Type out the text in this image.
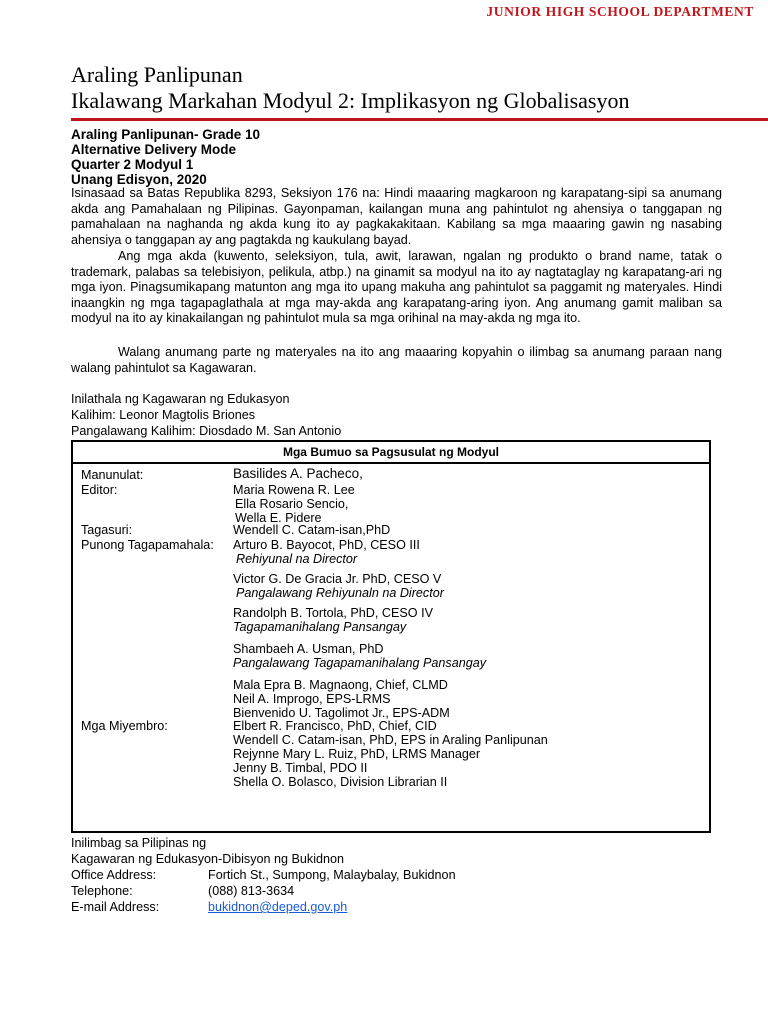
JUNIOR HIGH SCHOOL DEPARTMENT
Araling Panlipunan
Ikalawang Markahan Modyul 2: Implikasyon ng Globalisasyon
Araling Panlipunan- Grade 10
Alternative Delivery Mode
Quarter 2 Modyul 1
Unang Edisyon, 2020

Isinasaad sa Batas Republika 8293, Seksiyon 176 na: Hindi maaaring magkaroon ng karapatang-sipi sa anumang akda ang Pamahalaan ng Pilipinas. Gayonpaman, kailangan muna ang pahintulot ng ahensiya o tanggapan ng pamahalaan na naghanda ng akda kung ito ay pagkakakitaan. Kabilang sa mga maaaring gawin ng nasabing ahensiya o tanggapan ay ang pagtakda ng kaukulang bayad.

Ang mga akda (kuwento, seleksiyon, tula, awit, larawan, ngalan ng produkto o brand name, tatak o trademark, palabas sa telebisiyon, pelikula, atbp.) na ginamit sa modyul na ito ay nagtataglay ng karapatang-ari ng mga iyon. Pinagsumikapang matunton ang mga ito upang makuha ang pahintulot sa paggamit ng materyales. Hindi inaangkin ng mga tagapaglathala at mga may-akda ang karapatang-aring iyon. Ang anumang gamit maliban sa modyul na ito ay kinakailangan ng pahintulot mula sa mga orihinal na may-akda ng mga ito.

Walang anumang parte ng materyales na ito ang maaaring kopyahin o ilimbag sa anumang paraan nang walang pahintulot sa Kagawaran.

Inilathala ng Kagawaran ng Edukasyon
Kalihim: Leonor Magtolis Briones
Pangalawang Kalihim: Diosdado M. San Antonio
Mga Bumuo sa Pagsusulat ng Modyul
Manunulat:	Basilides A. Pacheco,
Editor:	Maria Rowena R. Lee
Ella Rosario Sencio,
Wella E. Pidere
Tagasuri:	Wendell C. Catam-isan,PhD
Punong Tagapamahala: Arturo B. Bayocot, PhD, CESO III
Rehiyunal na Director
Victor G. De Gracia Jr. PhD, CESO V
Pangalawang Rehiyunaln na Director
Randolph B. Tortola, PhD, CESO IV
Tagapamanihalang Pansangay
Shambaeh A. Usman, PhD
Pangalawang Tagapamanihalang Pansangay
Mala Epra B. Magnaong, Chief, CLMD
Neil A. Improgo, EPS-LRMS
Bienvenido U. Tagolimot Jr., EPS-ADM
Mga Miyembro:	Elbert R. Francisco, PhD, Chief, CID
Wendell C. Catam-isan, PhD, EPS in Araling Panlipunan
Rejynne Mary L. Ruiz, PhD, LRMS Manager
Jenny B. Timbal, PDO II
Shella O. Bolasco, Division Librarian II
Inilimbag sa Pilipinas ng
Kagawaran ng Edukasyon-Dibisyon ng Bukidnon
Office Address:	Fortich St., Sumpong, Malaybalay, Bukidnon
Telephone:	(088) 813-3634
E-mail Address:	bukidnon@deped.gov.ph
